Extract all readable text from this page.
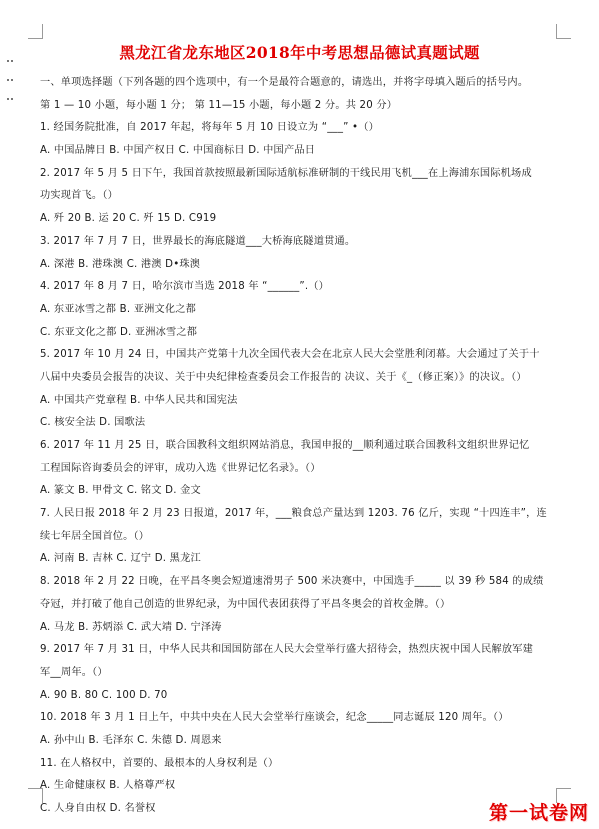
黑龙江省龙东地区2018年中考思想品德试真题试题
一、单项选择题（下列各题的四个选项中，有一个是最符合题意的，请选出，并将字母填入题后的括号内。
第 1 — 10 小题，每小题 1 分； 第 11—15 小题，每小题 2 分。共 20 分）
1. 经国务院批准，自 2017 年起，将每年 5 月 10 日设立为 “___” •（）
A. 中国品牌日 B. 中国产权日 C. 中国商标日 D. 中国产品日
2. 2017 年 5 月 5 日下午，我国首款按照最新国际适航标准研制的干线民用飞机___在上海浦东国际机场成
功实现首飞。（）
A. 歼 20 B. 运 20 C. 歼 15 D. C919
3. 2017 年 7 月 7 日，世界最长的海底隧道___大桥海底隧道贯通。
A. 深港 B. 港珠澳 C. 港澳 D•珠澳
4. 2017 年 8 月 7 日，哈尔滨市当选 2018 年 “______”.（）
A. 东亚冰雪之都 B. 亚洲文化之都
C. 东亚文化之都 D. 亚洲冰雪之都
5. 2017 年 10 月 24 日，中国共产党第十九次全国代表大会在北京人民大会堂胜利闭幕。大会通过了关于十
八届中央委员会报告的决议、关于中央纪律检查委员会工作报告的 决议、关于《_（修正案）》的决议。（）
A. 中国共产党章程 B. 中华人民共和国宪法
C. 核安全法 D. 国歌法
6. 2017 年 11 月 25 日，联合国教科文组织网站消息，我国申报的__顺利通过联合国教科文组织世界记忆
工程国际咨询委员会的评审，成功入选《世界记忆名录》。（）
A. 篆文 B. 甲骨文 C. 铭文 D. 金文
7. 人民日报 2018 年 2 月 23 日报道，2017 年，___粮食总产量达到 1203. 76 亿斤，实现 “十四连丰”，连
续七年居全国首位。（）
A. 河南 B. 吉林 C. 辽宁 D. 黑龙江
8. 2018 年 2 月 22 日晚，在平昌冬奥会短道速滑男子 500 米决赛中，中国选手_____ 以 39 秒 584 的成绩
夺冠，并打破了他自己创造的世界纪录，为中国代表团获得了平昌冬奥会的首枚金牌。（）
A. 马龙 B. 苏炳添 C. 武大靖 D. 宁泽涛
9. 2017 年 7 月 31 日，中华人民共和国国防部在人民大会堂举行盛大招待会，热烈庆祝中国人民解放军建
军__周年。（）
A. 90 B. 80 C. 100 D. 70
10. 2018 年 3 月 1 日上午，中共中央在人民大会堂举行座谈会，纪念_____同志诞辰 120 周年。（）
A. 孙中山 B. 毛泽东 C. 朱德 D. 周恩来
11. 在人格权中，首要的、最根本的人身权利是（）
A. 生命健康权 B. 人格尊严权
C. 人身自由权 D. 名誉权	第一试卷网
